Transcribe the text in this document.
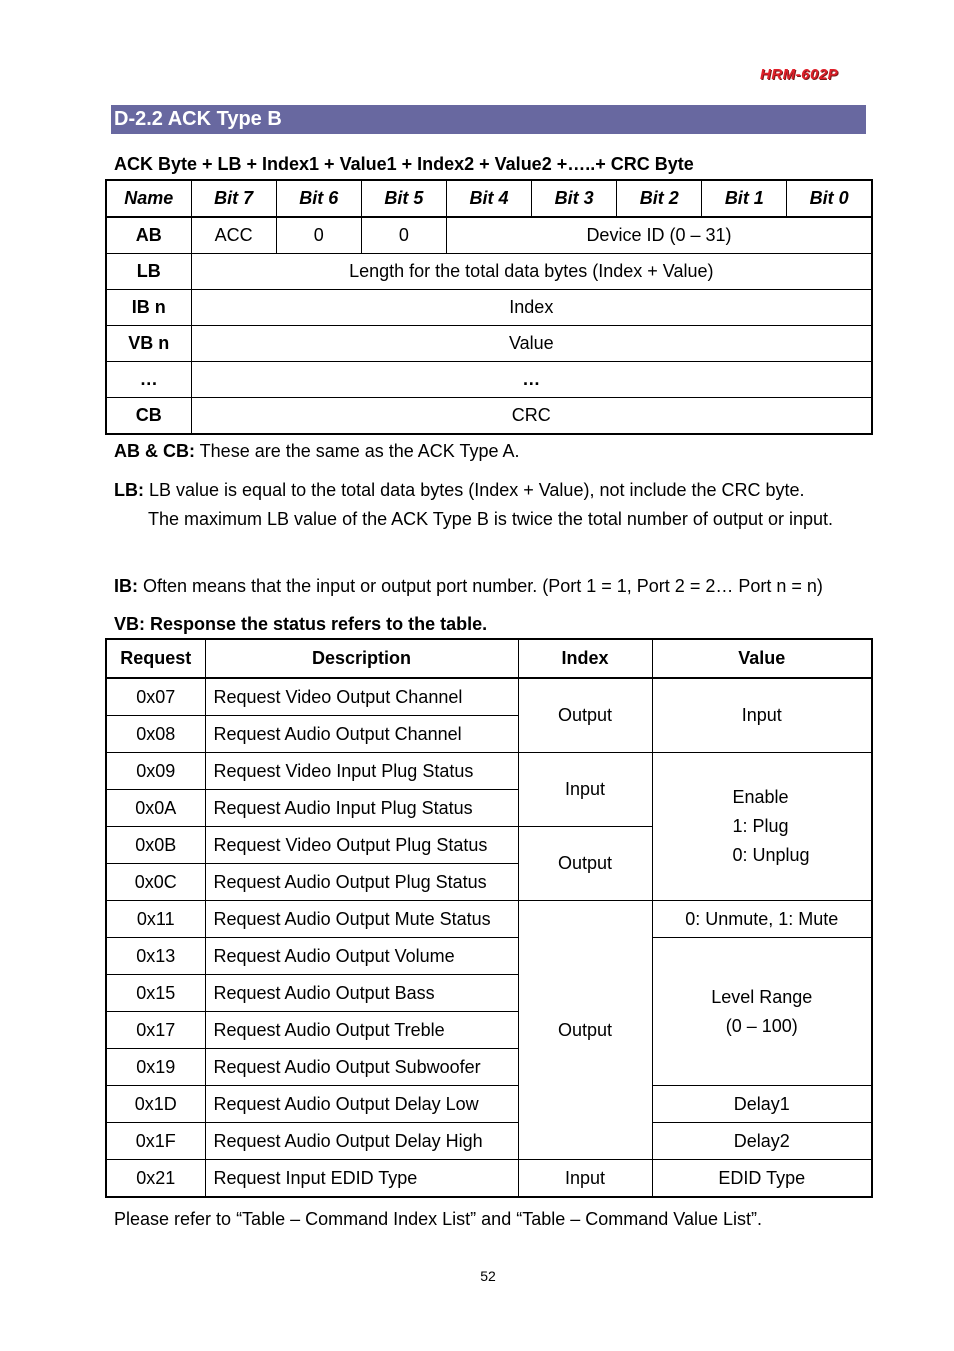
HRM-602P
D-2.2 ACK Type B
ACK Byte + LB + Index1 + Value1 + Index2 + Value2 +…..+ CRC Byte
Name	Bit 7	Bit 6	Bit 5	Bit 4	Bit 3	Bit 2	Bit 1	Bit 0
AB	ACC	0	0	Device ID (0 – 31)				
LB	Length for the total data bytes (Index + Value)							
IB n	Index							
VB n	Value							
…	…							
CB	CRC							
AB & CB: These are the same as the ACK Type A.
LB: LB value is equal to the total data bytes (Index + Value), not include the CRC byte.
The maximum LB value of the ACK Type B is twice the total number of output or input.
IB: Often means that the input or output port number. (Port 1 = 1, Port 2 = 2… Port n = n)
VB: Response the status refers to the table.
Request	Description	Index	Value
0x07	Request Video Output Channel	Output	Input
0x08	Request Audio Output Channel		
0x09	Request Video Input Plug Status	Input	Enable
1: Plug
0: Unplug

0x0A	Request Audio Input Plug Status		
0x0B	Request Video Output Plug Status	Output	
0x0C	Request Audio Output Plug Status		
0x11	Request Audio Output Mute Status	Output	0: Unmute, 1: Mute
0x13	Request Audio Output Volume		Level Range
(0 – 100)

0x15	Request Audio Output Bass		
0x17	Request Audio Output Treble		
0x19	Request Audio Output Subwoofer		
0x1D	Request Audio Output Delay Low		Delay1
0x1F	Request Audio Output Delay High		Delay2
0x21	Request Input EDID Type	Input	EDID Type
Please refer to “Table – Command Index List” and “Table – Command Value List”.
52
